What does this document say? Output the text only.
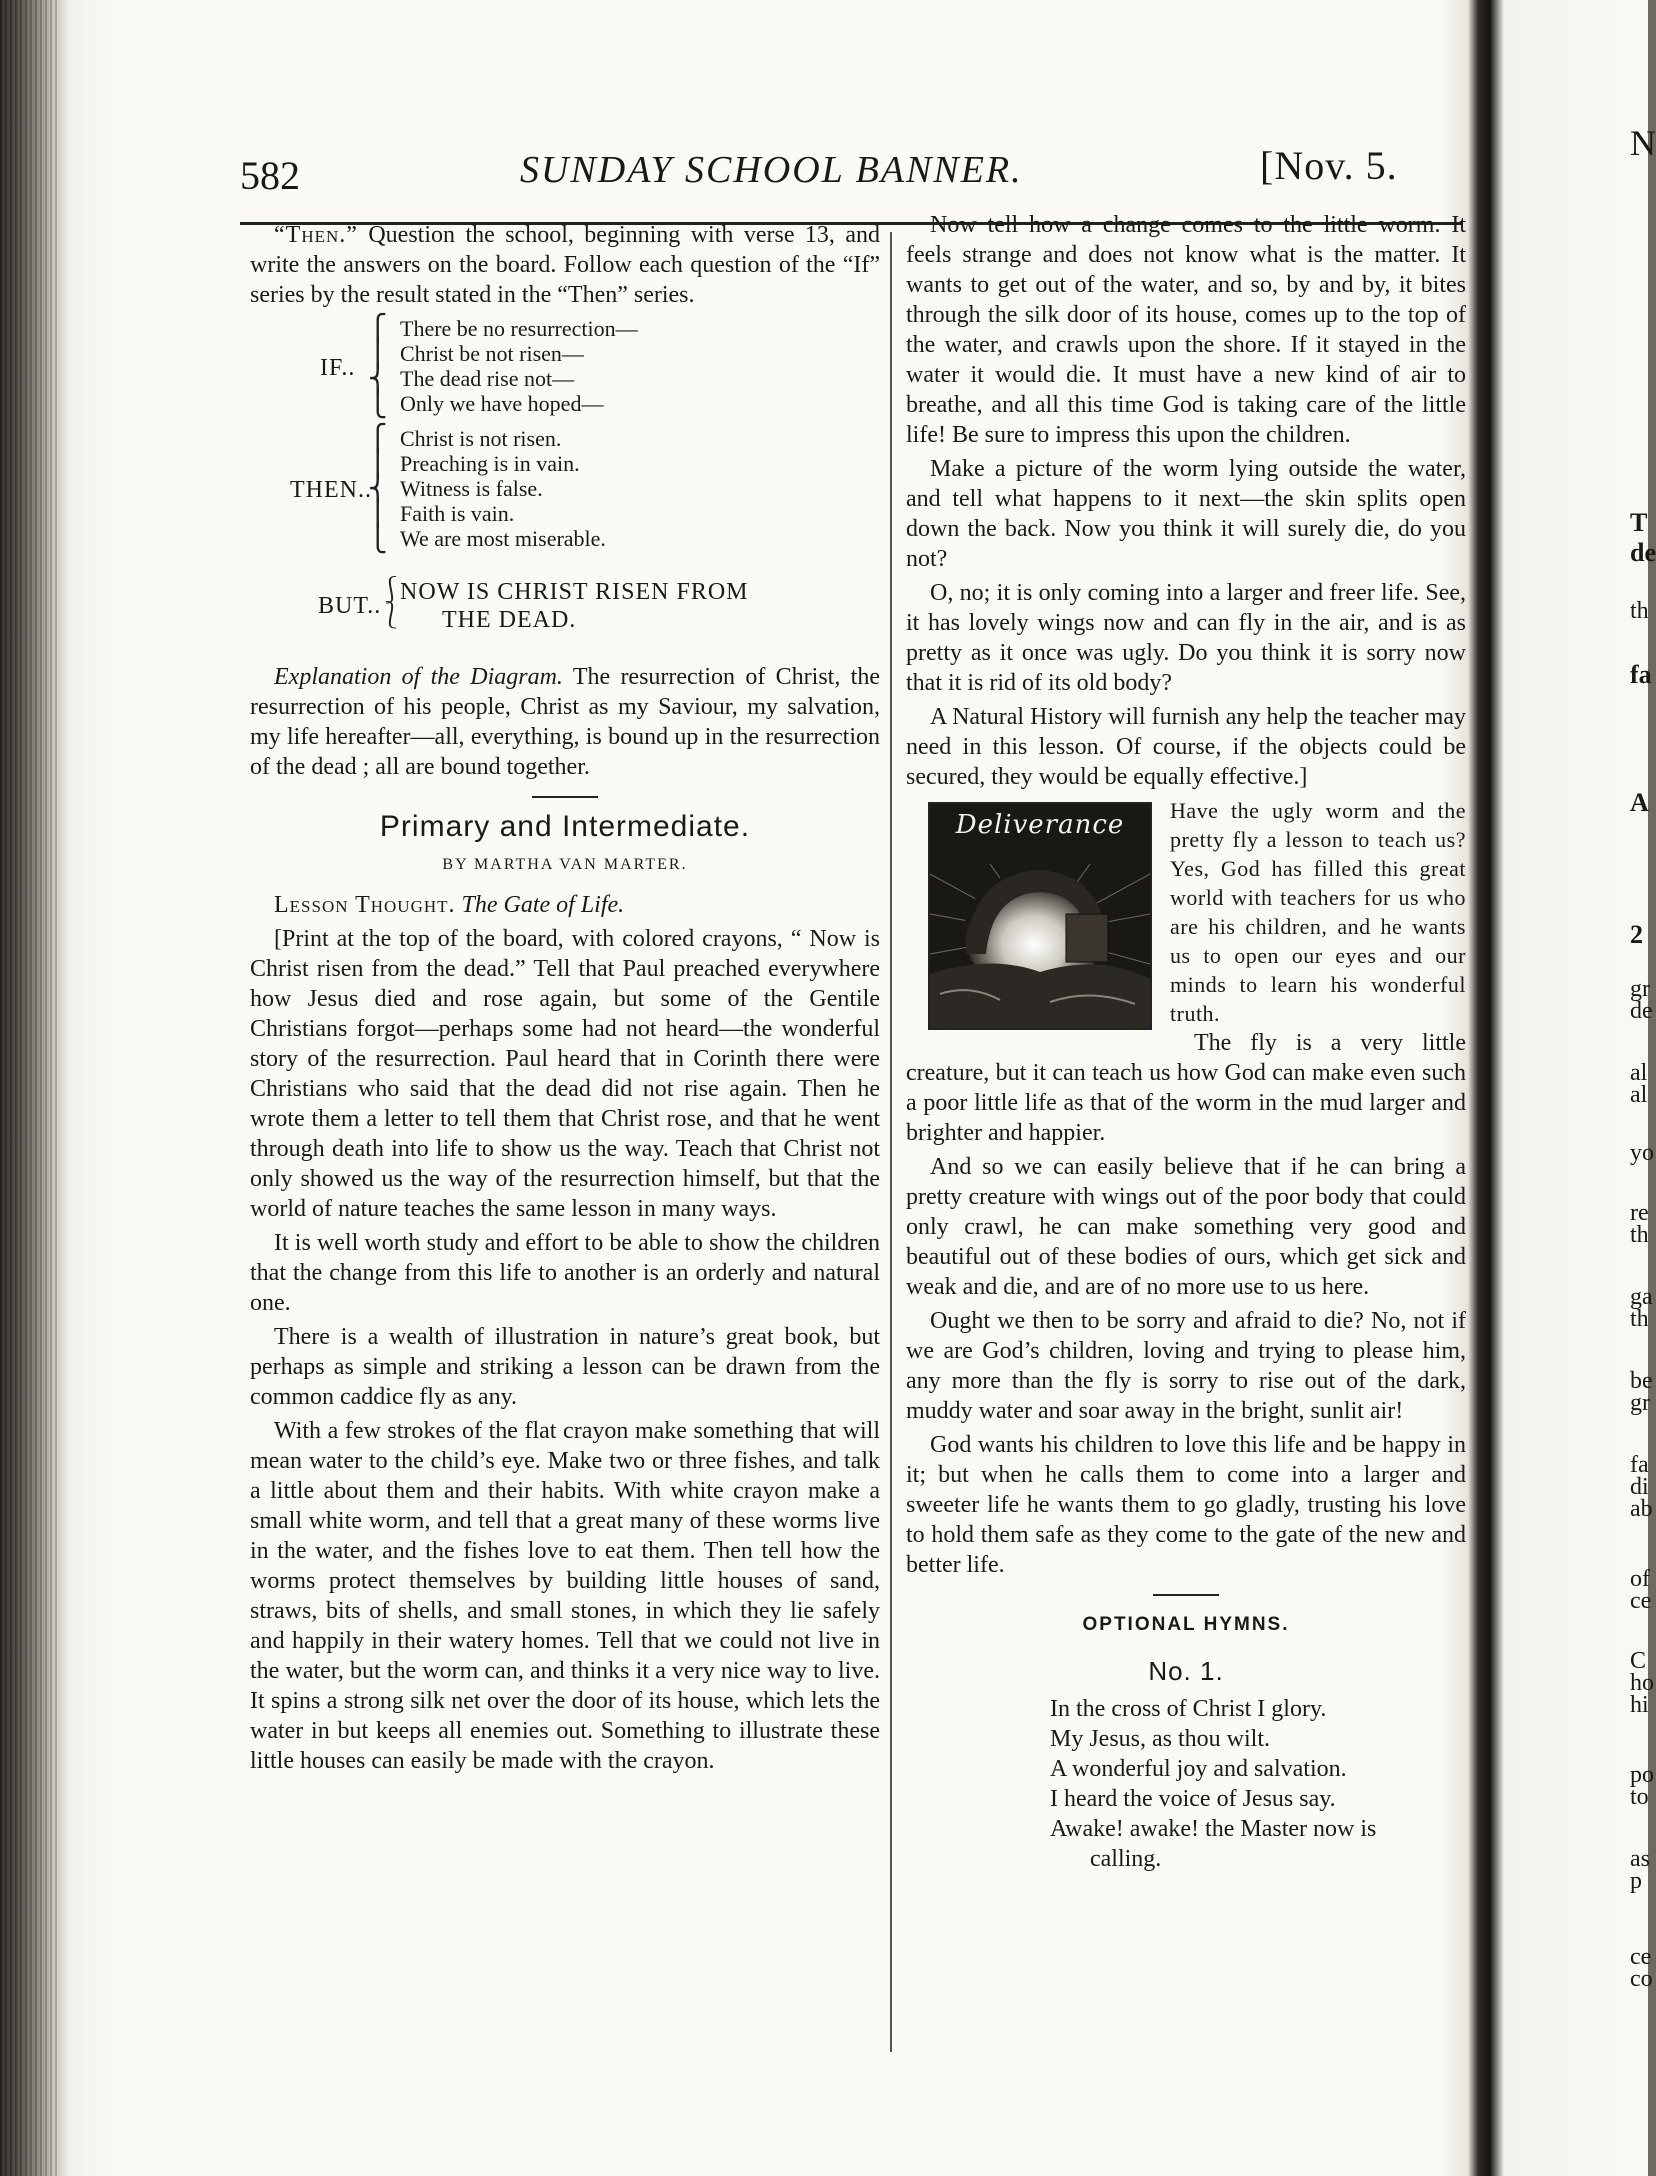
582	SUNDAY SCHOOL BANNER.	[Nov. 5.

“Then.” Question the school, beginning with verse 13, and write the answers on the board. Follow each question of the “If” series by the result stated in the “Then” series.

IF..
⎧
⎪
⎨
⎩
There be no resurrection—
Christ be not risen—
The dead rise not—
Only we have hoped—
THEN..
⎧
⎪
⎨
⎪
⎩
Christ is not risen.
Preaching is in vain.
Witness is false.
Faith is vain.
We are most miserable.
BUT..
⎰
⎱
NOW IS CHRIST RISEN FROM
THE DEAD.

Explanation of the Diagram. The resurrection of Christ, the resurrection of his people, Christ as my Saviour, my salvation, my life hereafter—all, everything, is bound up in the resurrection of the dead ; all are bound together.

Primary and Intermediate.
BY MARTHA VAN MARTER.

Lesson Thought. The Gate of Life.

[Print at the top of the board, with colored crayons, “ Now is Christ risen from the dead.” Tell that Paul preached everywhere how Jesus died and rose again, but some of the Gentile Christians forgot—perhaps some had not heard—the wonderful story of the resurrection. Paul heard that in Corinth there were Christians who said that the dead did not rise again. Then he wrote them a letter to tell them that Christ rose, and that he went through death into life to show us the way. Teach that Christ not only showed us the way of the resurrection himself, but that the world of nature teaches the same lesson in many ways.

It is well worth study and effort to be able to show the children that the change from this life to another is an orderly and natural one.

There is a wealth of illustration in nature’s great book, but perhaps as simple and striking a lesson can be drawn from the common caddice fly as any.

With a few strokes of the flat crayon make something that will mean water to the child’s eye. Make two or three fishes, and talk a little about them and their habits. With white crayon make a small white worm, and tell that a great many of these worms live in the water, and the fishes love to eat them. Then tell how the worms protect themselves by building little houses of sand, straws, bits of shells, and small stones, in which they lie safely and happily in their watery homes. Tell that we could not live in the water, but the worm can, and thinks it a very nice way to live. It spins a strong silk net over the door of its house, which lets the water in but keeps all enemies out. Something to illustrate these little houses can easily be made with the crayon.

Now tell how a change comes to the little worm. It feels strange and does not know what is the matter. It wants to get out of the water, and so, by and by, it bites through the silk door of its house, comes up to the top of the water, and crawls upon the shore. If it stayed in the water it would die. It must have a new kind of air to breathe, and all this time God is taking care of the little life! Be sure to impress this upon the children.

Make a picture of the worm lying outside the water, and tell what happens to it next—the skin splits open down the back. Now you think it will surely die, do you not?

O, no; it is only coming into a larger and freer life. See, it has lovely wings now and can fly in the air, and is as pretty as it once was ugly. Do you think it is sorry now that it is rid of its old body?

A Natural History will furnish any help the teacher may need in this lesson. Of course, if the objects could be secured, they would be equally effective.]

Deliverance	Have the ugly worm and the pretty fly a lesson to teach us? Yes, God has filled this great world with teachers for us who are his children, and he wants us to open our eyes and our minds to learn his wonderful truth.

The fly is a very little creature, but it can teach us how God can make even such a poor little life as that of the worm in the mud larger and brighter and happier.

And so we can easily believe that if he can bring a pretty creature with wings out of the poor body that could only crawl, he can make something very good and beautiful out of these bodies of ours, which get sick and weak and die, and are of no more use to us here.

Ought we then to be sorry and afraid to die? No, not if we are God’s children, loving and trying to please him, any more than the fly is sorry to rise out of the dark, muddy water and soar away in the bright, sunlit air!

God wants his children to love this life and be happy in it; but when he calls them to come into a larger and sweeter life he wants them to go gladly, trusting his love to hold them safe as they come to the gate of the new and better life.

OPTIONAL HYMNS.
No. 1.
In the cross of Christ I glory.
My Jesus, as thou wilt.
A wonderful joy and salvation.
I heard the voice of Jesus say.
Awake! awake! the Master now is
calling.
N
T
de
th
fa
A
2
gr
de
al
al
yo
re
th
ga
th
be
gr
fa
di
ab
of
ce
C
ho
hi
po
to
as
p
ce
co
